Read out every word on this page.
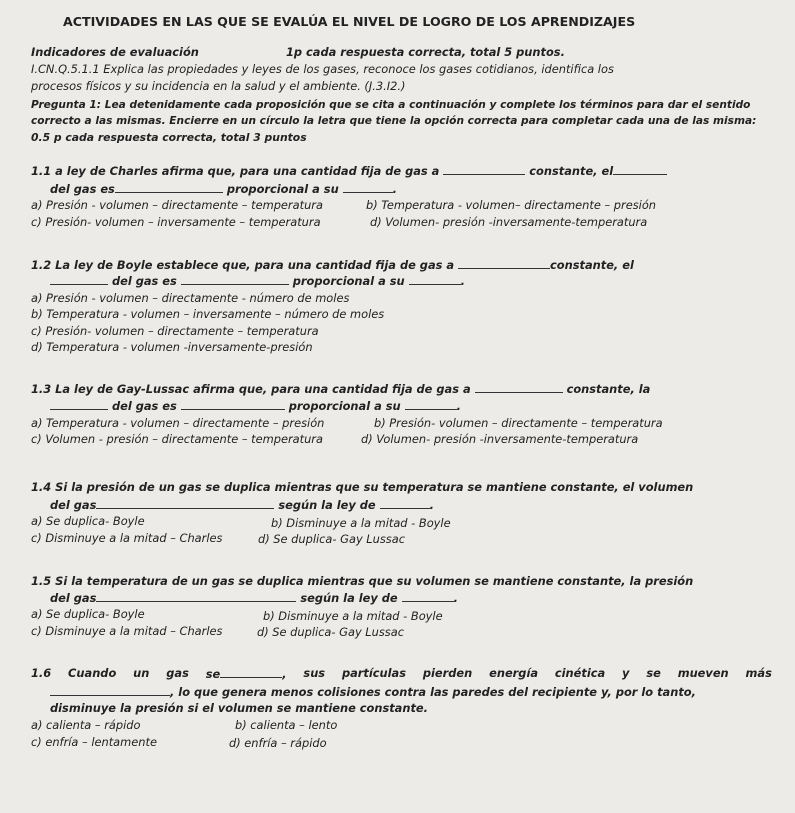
ACTIVIDADES EN LAS QUE SE EVALÚA EL NIVEL DE LOGRO DE LOS APRENDIZAJES
Indicadores de evaluación	1p cada respuesta correcta, total 5 puntos.
I.CN.Q.5.1.1 Explica las propiedades y leyes de los gases, reconoce los gases cotidianos, identifica los
procesos físicos y su incidencia en la salud y el ambiente. (J.3.I2.)
Pregunta 1: Lea detenidamente cada proposición que se cita a continuación y complete los términos para dar el sentido
correcto a las mismas. Encierre en un círculo la letra que tiene la opción correcta para completar cada una de las misma:
0.5 p cada respuesta correcta, total 3 puntos
1.1 a ley de Charles afirma que, para una cantidad fija de gas a	constante, el
del gas es	proporcional a su	.
a) Presión - volumen – directamente – temperatura	b) Temperatura - volumen– directamente – presión
c) Presión- volumen – inversamente – temperatura	d) Volumen- presión -inversamente-temperatura
1.2 La ley de Boyle establece que, para una cantidad fija de gas a	constante, el
del gas es	proporcional a su	.
a) Presión - volumen – directamente - número de moles
b) Temperatura - volumen – inversamente – número de moles
c) Presión- volumen – directamente – temperatura
d) Temperatura - volumen -inversamente-presión
1.3 La ley de Gay-Lussac afirma que, para una cantidad fija de gas a	constante, la
del gas es	proporcional a su	.
a) Temperatura - volumen – directamente – presión	b) Presión- volumen – directamente – temperatura
c) Volumen - presión – directamente – temperatura	d) Volumen- presión -inversamente-temperatura
1.4 Si la presión de un gas se duplica mientras que su temperatura se mantiene constante, el volumen
del gas	según la ley de	.
a) Se duplica- Boyle	b) Disminuye a la mitad - Boyle
c) Disminuye a la mitad – Charles	d) Se duplica- Gay Lussac
1.5 Si la temperatura de un gas se duplica mientras que su volumen se mantiene constante, la presión
del gas	según la ley de	.
a) Se duplica- Boyle	b) Disminuye a la mitad - Boyle
c) Disminuye a la mitad – Charles	d) Se duplica- Gay Lussac
1.6 Cuando un gas se	, sus partículas pierden energía cinética y se mueven más
, lo que genera menos colisiones contra las paredes del recipiente y, por lo tanto,
disminuye la presión si el volumen se mantiene constante.
a) calienta – rápido	b) calienta – lento
c) enfría – lentamente	d) enfría – rápido
